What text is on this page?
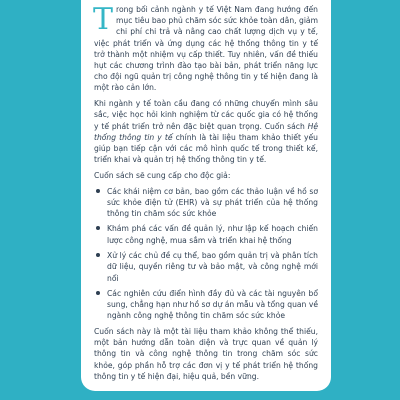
Trong bối cảnh ngành y tế Việt Nam đang hướng đến mục tiêu bao phủ chăm sóc sức khỏe toàn dân, giảm chi phí chi trả và nâng cao chất lượng dịch vụ y tế, việc phát triển và ứng dụng các hệ thống thông tin y tế trở thành một nhiệm vụ cấp thiết. Tuy nhiên, vấn đề thiếu hụt các chương trình đào tạo bài bản, phát triển năng lực cho đội ngũ quản trị công nghệ thông tin y tế hiện đang là một rào cản lớn.

Khi ngành y tế toàn cầu đang có những chuyển mình sâu sắc, việc học hỏi kinh nghiệm từ các quốc gia có hệ thống y tế phát triển trở nên đặc biệt quan trọng. Cuốn sách Hệ thống thông tin y tế chính là tài liệu tham khảo thiết yếu giúp bạn tiếp cận với các mô hình quốc tế trong thiết kế, triển khai và quản trị hệ thống thông tin y tế.

Cuốn sách sẽ cung cấp cho độc giả:

Các khái niệm cơ bản, bao gồm các thảo luận về hồ sơ sức khỏe điện tử (EHR) và sự phát triển của hệ thống thông tin chăm sóc sức khỏe
Khám phá các vấn đề quản lý, như lập kế hoạch chiến lược công nghệ, mua sắm và triển khai hệ thống
Xử lý các chủ đề cụ thể, bao gồm quản trị và phân tích dữ liệu, quyền riêng tư và bảo mật, và công nghệ mới nổi
Các nghiên cứu điển hình đầy đủ và các tài nguyên bổ sung, chẳng hạn như hồ sơ dự án mẫu và tổng quan về ngành công nghệ thông tin chăm sóc sức khỏe

Cuốn sách này là một tài liệu tham khảo không thể thiếu, một bản hướng dẫn toàn diện và trực quan về quản lý thông tin và công nghệ thông tin trong chăm sóc sức khỏe, góp phần hỗ trợ các đơn vị y tế phát triển hệ thống thông tin y tế hiện đại, hiệu quả, bền vững.
